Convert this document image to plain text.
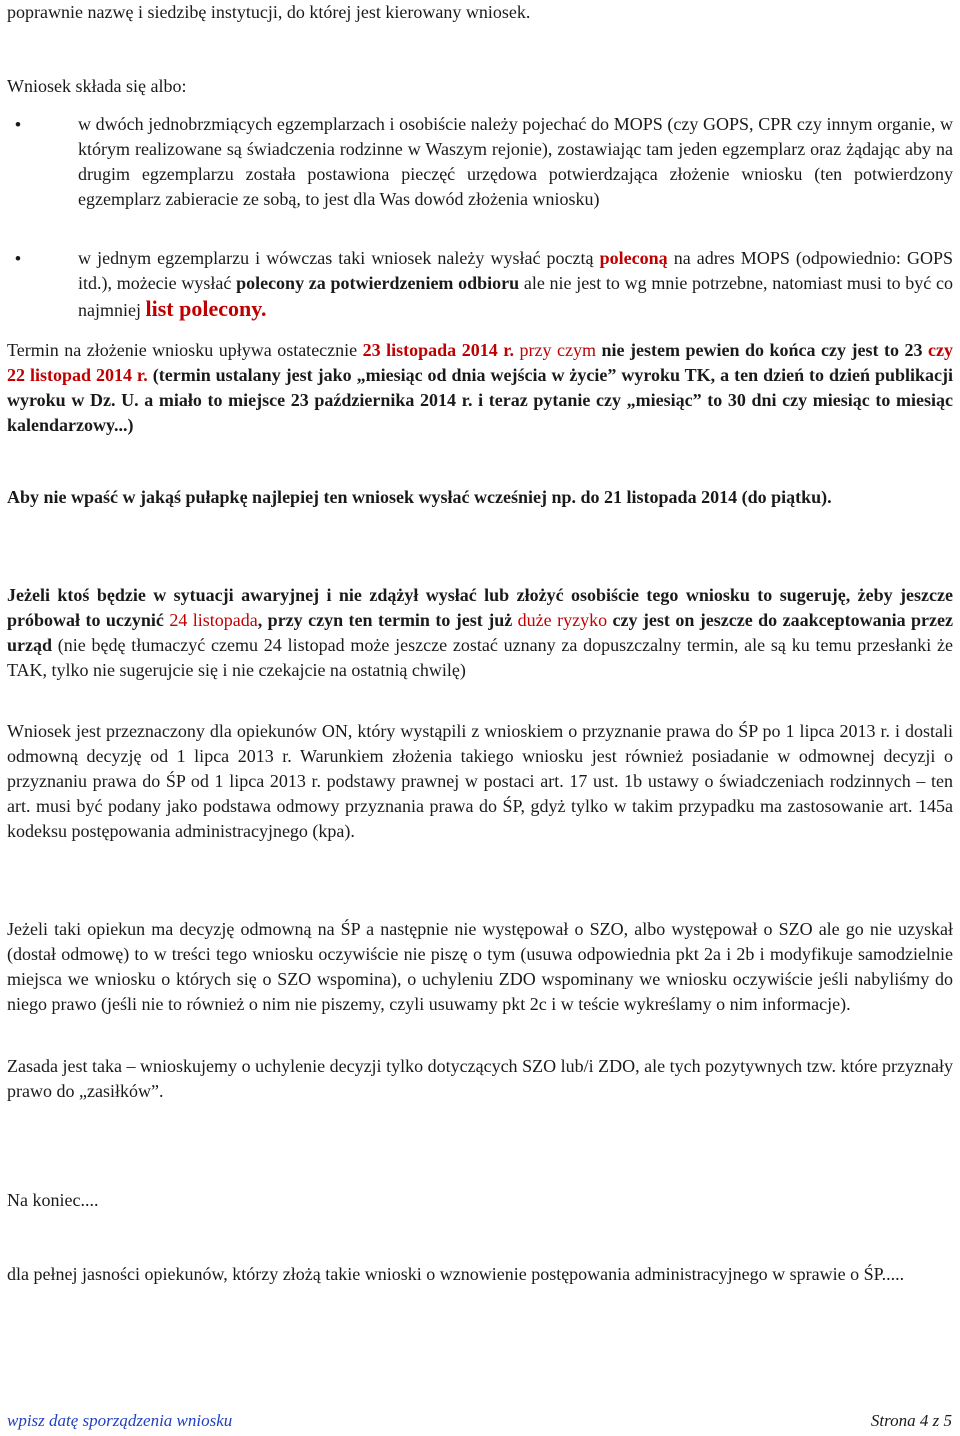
poprawnie nazwę i siedzibę instytucji, do której jest kierowany wniosek.

Wniosek składa się albo:

•	w dwóch jednobrzmiących egzemplarzach i osobiście należy pojechać do MOPS (czy GOPS, CPR czy innym organie, w którym realizowane są świadczenia rodzinne w Waszym rejonie), zostawiając tam jeden egzemplarz oraz żądając aby na drugim egzemplarzu została postawiona pieczęć urzędowa potwierdzająca złożenie wniosku (ten potwierdzony egzemplarz zabieracie ze sobą, to jest dla Was dowód złożenia wniosku)

•	w jednym egzemplarzu i wówczas taki wniosek należy wysłać pocztą poleconą na adres MOPS (odpowiednio: GOPS itd.), możecie wysłać polecony za potwierdzeniem odbioru ale nie jest to wg mnie potrzebne, natomiast musi to być co najmniej list polecony.

Termin na złożenie wniosku upływa ostatecznie 23 listopada 2014 r. przy czym nie jestem pewien do końca czy jest to 23 czy 22 listopad 2014 r. (termin ustalany jest jako „miesiąc od dnia wejścia w życie” wyroku TK, a ten dzień to dzień publikacji wyroku w Dz. U. a miało to miejsce 23 października 2014 r. i teraz pytanie czy „miesiąc” to 30 dni czy miesiąc to miesiąc kalendarzowy...)

Aby nie wpaść w jakąś pułapkę najlepiej ten wniosek wysłać wcześniej np. do 21 listopada 2014 (do piątku).

Jeżeli ktoś będzie w sytuacji awaryjnej i nie zdążył wysłać lub złożyć osobiście tego wniosku to sugeruję, żeby jeszcze próbował to uczynić 24 listopada, przy czyn ten termin to jest już duże ryzyko czy jest on jeszcze do zaakceptowania przez urząd (nie będę tłumaczyć czemu 24 listopad może jeszcze zostać uznany za dopuszczalny termin, ale są ku temu przesłanki że TAK, tylko nie sugerujcie się i nie czekajcie na ostatnią chwilę)

Wniosek jest przeznaczony dla opiekunów ON, który wystąpili z wnioskiem o przyznanie prawa do ŚP po 1 lipca 2013 r. i dostali odmowną decyzję od 1 lipca 2013 r. Warunkiem złożenia takiego wniosku jest również posiadanie w odmownej decyzji o przyznaniu prawa do ŚP od 1 lipca 2013 r. podstawy prawnej w postaci art. 17 ust. 1b ustawy o świadczeniach rodzinnych – ten art. musi być podany jako podstawa odmowy przyznania prawa do ŚP, gdyż tylko w takim przypadku ma zastosowanie art. 145a kodeksu postępowania administracyjnego (kpa).

Jeżeli taki opiekun ma decyzję odmowną na ŚP a następnie nie występował o SZO, albo występował o SZO ale go nie uzyskał (dostał odmowę) to w treści tego wniosku oczywiście nie piszę o tym (usuwa odpowiednia pkt 2a i 2b i modyfikuje samodzielnie miejsca we wniosku o których się o SZO wspomina), o uchyleniu ZDO wspominany we wniosku oczywiście jeśli nabyliśmy do niego prawo (jeśli nie to również o nim nie piszemy, czyli usuwamy pkt 2c i w teście wykreślamy o nim informacje).

Zasada jest taka – wnioskujemy o uchylenie decyzji tylko dotyczących SZO lub/i ZDO, ale tych pozytywnych tzw. które przyznały prawo do „zasiłków”.

Na koniec....

dla pełnej jasności opiekunów, którzy złożą takie wnioski o wznowienie postępowania administracyjnego w sprawie o ŚP.....

wpisz datę sporządzenia wniosku	Strona 4 z 5
